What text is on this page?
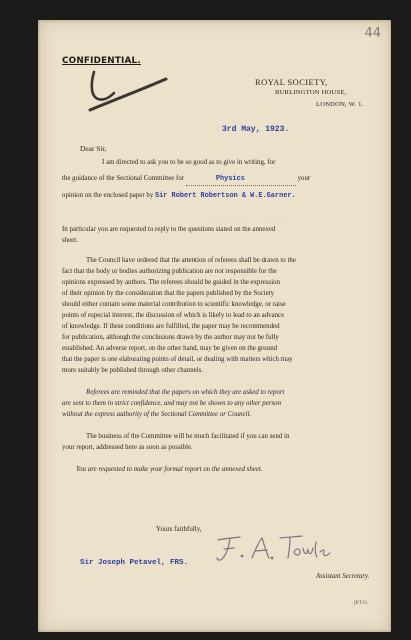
44
CONFIDENTIAL.
ROYAL SOCIETY,
BURLINGTON HOUSE,
LONDON, W. 1.
3rd May, 1923.
Dear Sir,
I am directed to ask you to be so good as to give in writing, for
the guidance of the Sectional Committee for	Physics	your
opinion on the enclosed paper by Sir Robert Robertson & W.E.Garner.
· · · · · · · · ·
In particular you are requested to reply to the questions stated on the annexed
sheet.
The Council have ordered that the attention of referees shall be drawn to the
fact that the body or bodies authorizing publication are not responsible for the
opinions expressed by authors. The referees should be guided in the expression
of their opinion by the consideration that the papers published by the Society
should either contain some material contribution to scientific knowledge, or raise
points of especial interest, the discussion of which is likely to lead to an advance
of knowledge. If these conditions are fulfilled, the paper may be recommended
for publication, although the conclusions drawn by the author may not be fully
established. An adverse report, on the other hand, may be given on the ground
that the paper is one elaborating points of detail, or dealing with matters which may
more suitably be published through other channels.
Referees are reminded that the papers on which they are asked to report
are sent to them in strict confidence, and may not be shown to any other person
without the express authority of the Sectional Committee or Council.
The business of the Committee will be much facilitated if you can send in
your report, addressed here as soon as possible.
You are requested to make your formal report on the annexed sheet.
Yours faithfully,
Sir Joseph Petavel, FRS.
Assistant Secretary.
[P.T.O.
